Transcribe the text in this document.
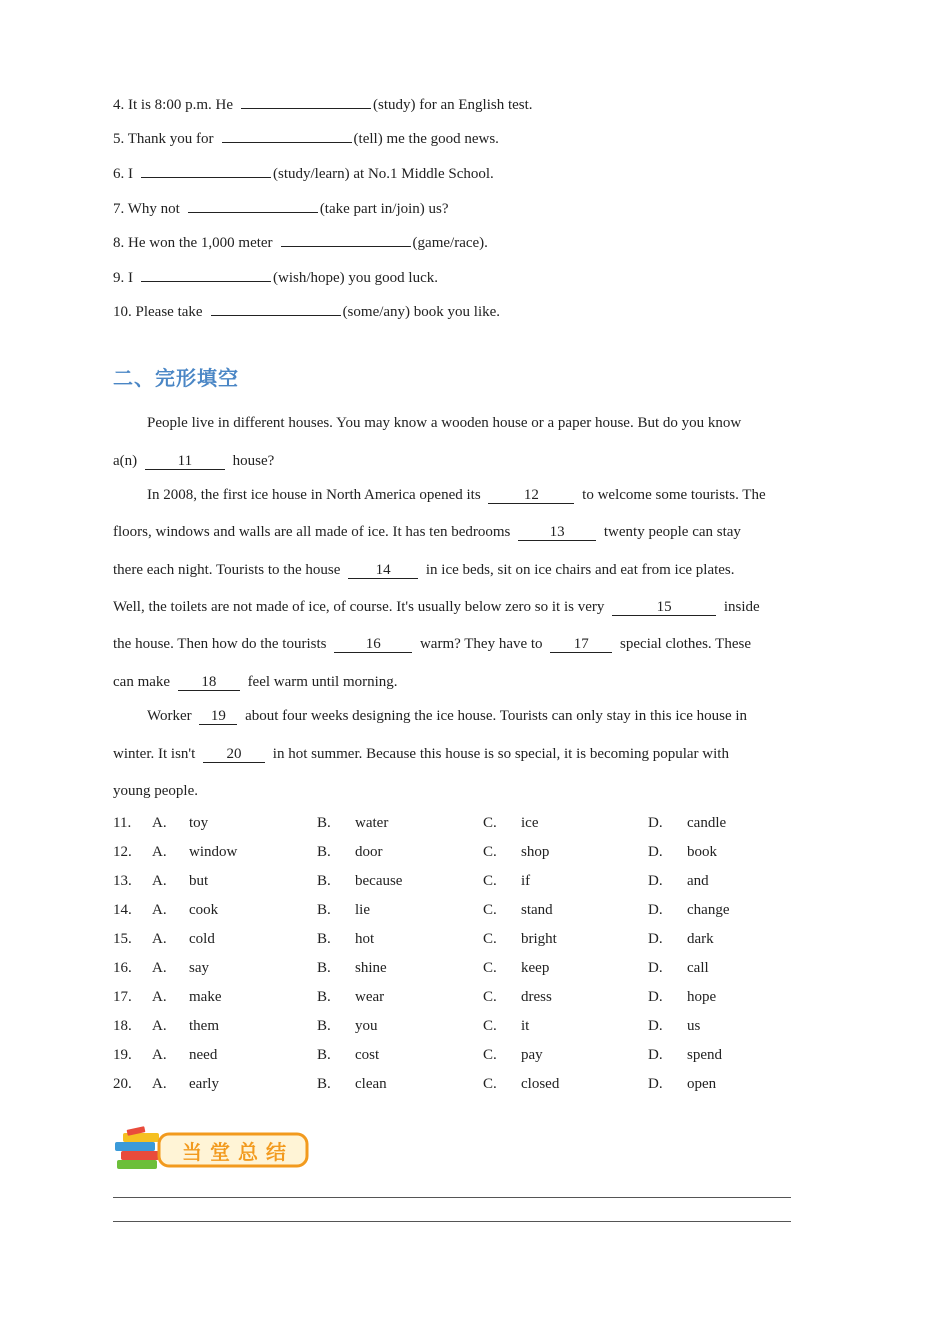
4. It is 8:00 p.m. He	(study) for an English test.
5. Thank you for	(tell) me the good news.
6. I	(study/learn) at No.1 Middle School.
7. Why not	(take part in/join) us?
8. He won the 1,000 meter	(game/race).
9. I	(wish/hope) you good luck.
10. Please take	(some/any) book you like.
二、完形填空
People live in different houses. You may know a wooden house or a paper house. But do you know
a(n)	11	house?
In 2008, the first ice house in North America opened its	12	to welcome some tourists. The
floors, windows and walls are all made of ice. It has ten bedrooms	13	twenty people can stay
there each night. Tourists to the house 14 in ice beds, sit on ice chairs and eat from ice plates.
Well, the toilets are not made of ice, of course. It's usually below zero so it is very	15	inside
the house. Then how do the tourists	16	warm? They have to 17 special clothes. These
can make 18 feel warm until morning.
Worker 19 about four weeks designing the ice house. Tourists can only stay in this ice house in
winter. It isn't 20 in hot summer. Because this house is so special, it is becoming popular with
young people.
11. A. toy	B. water	C. ice	D. candle
12. A. window	B. door	C. shop	D. book
13. A. but	B. because	C. if	D. and
14. A. cook	B. lie	C. stand	D. change
15. A. cold	B. hot	C. bright	D. dark
16. A. say	B. shine	C. keep	D. call
17. A. make	B. wear	C. dress	D. hope
18. A. them	B. you	C. it	D. us
19. A. need	B. cost	C. pay	D. spend
20. A. early	B. clean	C. closed	D. open
当堂总结
